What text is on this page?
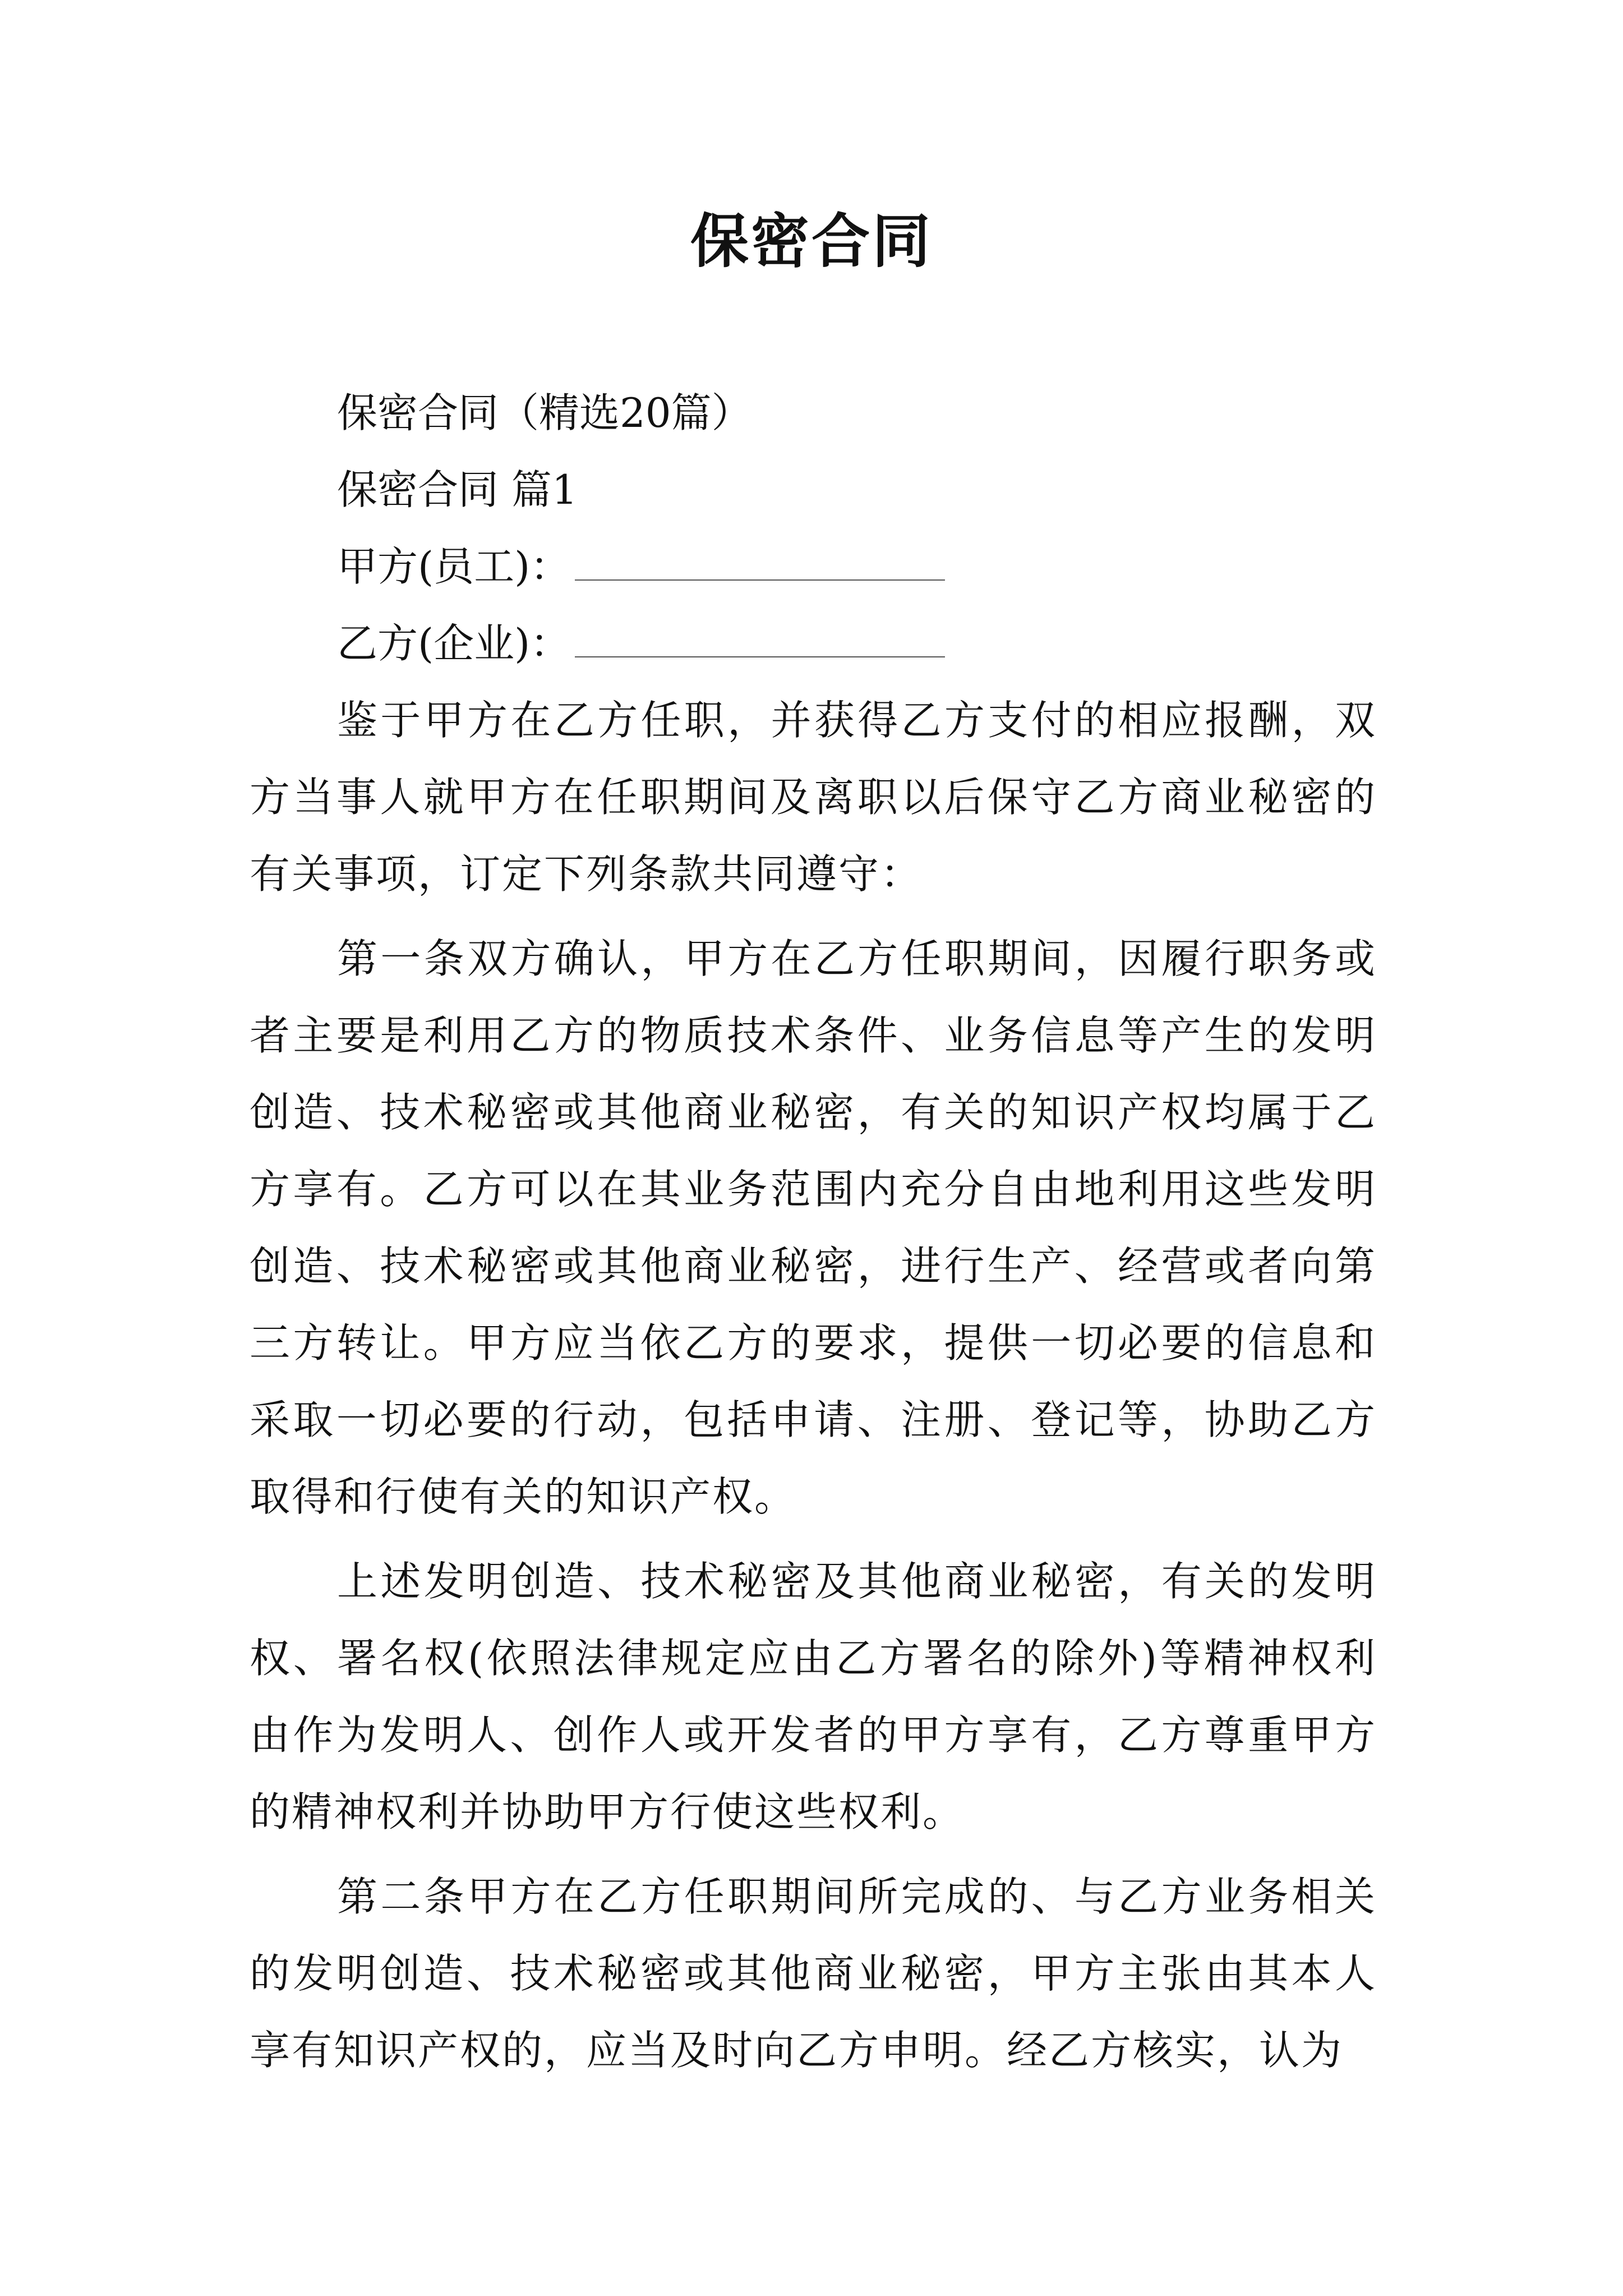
保密合同
保密合同（精选20篇）
保密合同 篇1
甲方(员工)：
乙方(企业)：

鉴于甲方在乙方任职，并获得乙方支付的相应报酬，双方当事人就甲方在任职期间及离职以后保守乙方商业秘密的有关事项，订定下列条款共同遵守：

第一条双方确认，甲方在乙方任职期间，因履行职务或者主要是利用乙方的物质技术条件、业务信息等产生的发明创造、技术秘密或其他商业秘密，有关的知识产权均属于乙方享有。乙方可以在其业务范围内充分自由地利用这些发明创造、技术秘密或其他商业秘密，进行生产、经营或者向第三方转让。甲方应当依乙方的要求，提供一切必要的信息和采取一切必要的行动，包括申请、注册、登记等，协助乙方取得和行使有关的知识产权。

上述发明创造、技术秘密及其他商业秘密，有关的发明权、署名权(依照法律规定应由乙方署名的除外)等精神权利由作为发明人、创作人或开发者的甲方享有，乙方尊重甲方的精神权利并协助甲方行使这些权利。

第二条甲方在乙方任职期间所完成的、与乙方业务相关的发明创造、技术秘密或其他商业秘密，甲方主张由其本人享有知识产权的，应当及时向乙方申明。经乙方核实，认为
